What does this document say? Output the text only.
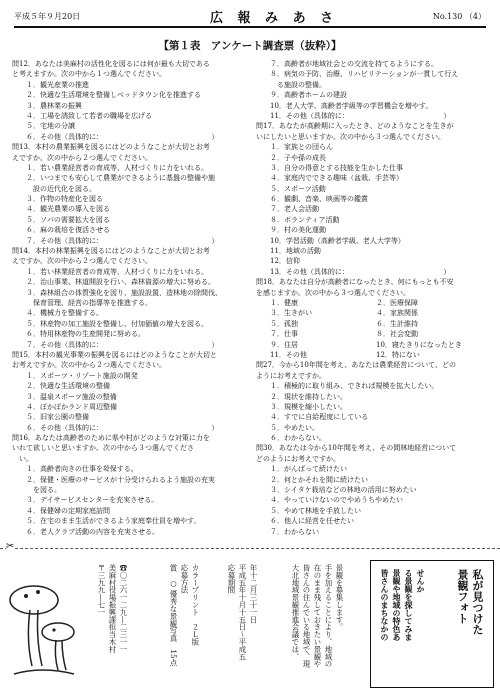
平成５年９月20日	広 報 み あ さ	No.130 （4）
【第１表　アンケート調査票（抜粋）】
問12．あなたは美麻村の活性化を図るには何が最も大切である
と考えますか。次の中から１つ選んでください。
１．観光産業の推進
２．快適な生活環境を整備しベッドタウン化を推進する
３．農林業の振興
４．工場を誘致して若者の職場を広げる
５．宅地の分譲
６．その他（具体的に：　　　　　　　　　　　　　　　　）
問13．本村の農業振興を図るにはどのようなことが大切とお考
えですか。次の中から２つ選んでください。
１．若い農業経営者の育成等、人材づくりに力をいれる。
２．いつまでも安心して農業ができるように基盤の整備や施
　設の近代化を図る。
３．作物の特産化を図る
４．観光農業の導入を図る
５．ソバの需要拡大を図る
６．麻の栽培を復活させる
７．その他（具体的に：　　　　　　　　　　　　　　　　）
問14．本村の林業振興を図るにはどのようなことが大切とお考
えですか。次の中から２つ選んでください。
１．若い林業経営者の育成等、人材づくりに力をいれる。
２．治山事業、林道開設を行い、森林資源の増大に努める。
３．森林組合の体質強化を図り、施設設置、造林地の除間伐、
　保育管理、経営の指導等を推進する。
４．機械力を整備する。
５．林産物の加工施設を整備し、付加価値の増大を図る。
６．特用林産物の生産開発に努める。
７．その他（具体的に：　　　　　　　　　　　　　　　　）
問15．本村の観光事業の振興を図るにはどのようなことが大切と
お考えですか。次の中から２つ選んでください。
１．スポーツ・リゾート施設の開発
２．快適な生活環境の整備
３．温泉スポーツ施設の整備
４．ぽかぽかランド周辺整備
５．旧家公園の整備
６．その他（具体的に：　　　　　　　　　　　　　　　　）
問16．あなたは高齢者のために県や村がどのような対策に力を
いれて欲しいと思いますか。次の中から３つ選んでくださ
　い。
１．高齢者向きの仕事を확保する。
２．保健・医療のサービスが十分受けられるよう施設の充実
　を図る。
３．デイサービスセンターを充実させる。
４．保健婦の定期家庭訪問
５．在宅のまま生活ができるよう家庭奉仕員を増やす。
６．老人クラブ活動の内容を充実させる。
７．高齢者が地域社会との交流を持てるようにする。
８．病気の予防、治療、リハビリテーションが一貫して行え
　る施設の整備。
９．高齢者ホームの建設
10．老人大学、高齢者学級等の学習機会を増やす。
11．その他（具体的に：　　　　　　　　　　　　　　）
問17．あなたが高齢期に入ったとき、どのようなことを生きが
いにしたいと思いますか。次の中から３つ選んでください。
１．家族との団らん
２．子や孫の成長
３．自分の得意とする技能を生かした仕事
４．家庭内でできる趣味（盆栽、手芸等）
５．スポーツ活動
６．観劇、音楽、映画等の鑑賞
７．老人会活動
８．ボランティア活動
９．村の美化運動
10．学習活動（高齢者学級、老人大学等）
11．地域の活動
12．信仰
13．その他（具体的に：　　　　　　　　　　　　　　）
問18．あなたは自分が高齢者になったとき、何にもっとも不安
を感じますか。次の中から３つ選んでください。
１．健康	２．医療保障
３．生きがい	４．家族関係
５．孤独	６．生計維持
７．仕事	８．社会変動
９．住居	10．寝たきりになったとき
11．その他	12．特にない
問27．今から10年間を考え、あなたは農業経営について、どの
ようにお考えですか。
１．積極的に取り組み、できれば規模を拡大したい。
２．現状を維持したい。
３．規模を縮小したい。
４．すでに自給程度にしている
５．やめたい。
６．わからない。
問30．あなたは今から10年間を考え、その間林地経営について
どのようにお考えですか。
１．がんばって続けたい
２．何とかそれを間に続けたい
３．シイタケ栽培などの林地の活用に努めたい
４．やっていけないのでやめうちやめたい
５．やめて林地を手放したい
６．他人に経営を任せたい
７．わからない
✂
☎〇二六一二九―二三一一
美麻村役場振興課担当木村
〒三九九―七一	カラープリント　２Ｌ版
応募方法
賞　○ 優秀な景観写真　15点	年十二月三十一日
平成五年十月十五日～平成五
応募期間	景観を募集します。
手を加えることにより、地域の
在のまま残しておきたい景観や
皆さんの住んでいる地域で、現
大北地域景観推進会議では、	私が見つけた
景観フォト
せんか
る景観を探してみま
景観や地域の特色あ
皆さんのまちなかの
